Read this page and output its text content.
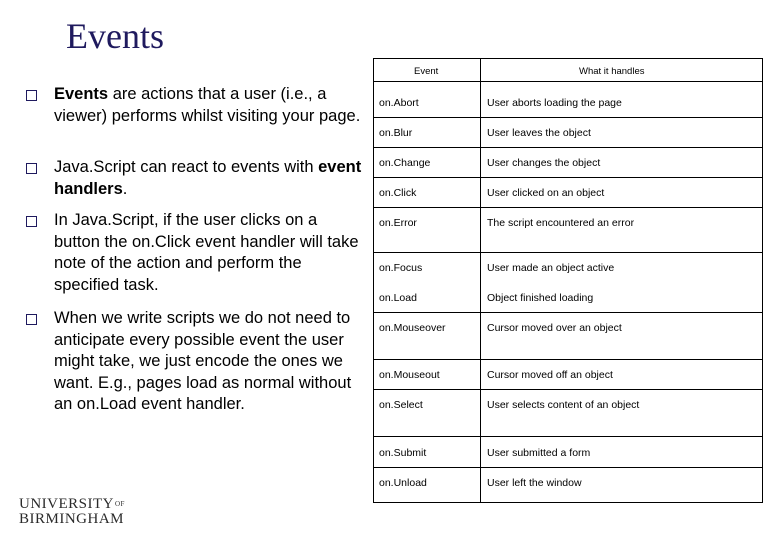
Events
Events are actions that a user (i.e., a viewer) performs whilst visiting your page.
Java.Script can react to events with event handlers.
In Java.Script, if the user clicks on a button the on.Click event handler will take note of the action and perform the specified task.
When we write scripts we do not need to anticipate every possible event the user might take, we just encode the ones we want. E.g., pages load as normal without an on.Load event handler.
Event	What it handles
on.Abort	User aborts loading the page
on.Blur	User leaves the object
on.Change	User changes the object
on.Click	User clicked on an object
on.Error	The script encountered an error
on.Focus	User made an object active
on.Load	Object finished loading
on.Mouseover	Cursor moved over an object
on.Mouseout	Cursor moved off an object
on.Select	User selects content of an object
on.Submit	User submitted a form
on.Unload	User left the window
$UNIVERSITY^{OF}$
BIRMINGHAM
